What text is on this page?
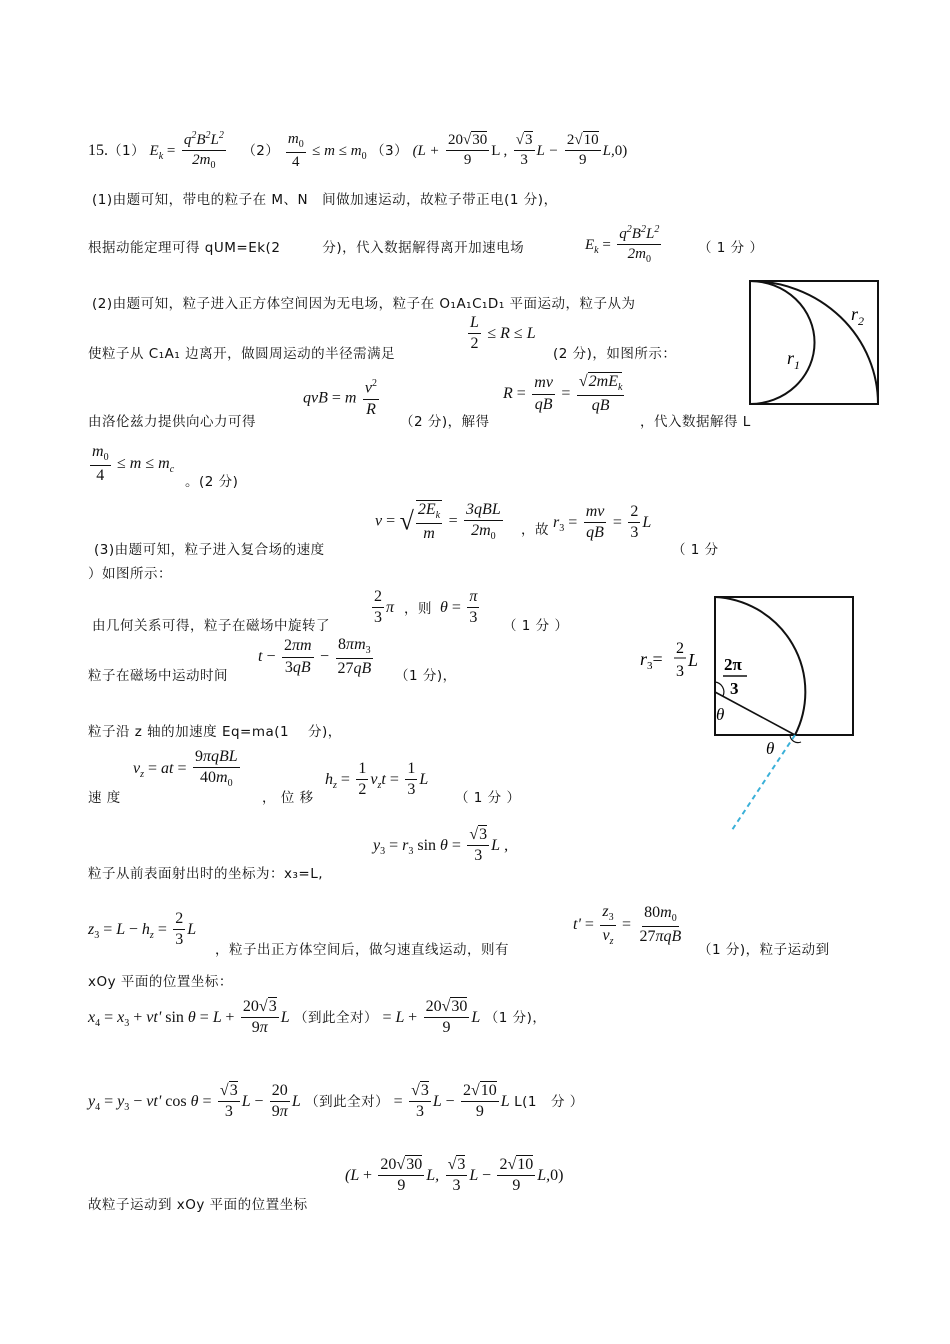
15.（1） $E_k = \frac{q^2B^2L^2}{2m_0} (2) \frac{m_0}{4} \le m \le m_0$ （3） ($L + \frac{20√30}{9}$ L , $\frac{√3}{3}$ $L - \frac{2√10}{9} L,0$)
(1)由题可知，带电的粒子在 M、N　间做加速运动，故粒子带正电(1 分)，
根据动能定理可得 qUM=Ek(2　　　分)，代入数据解得离开加速电场	$E_k = \frac{q^2B^2L^2}{2m_0}$	（ 1 分 ）
(2)由题可知，粒子进入正方体空间因为无电场，粒子在 O₁A₁C₁D₁ 平面运动，粒子从为
使粒子从 C₁A₁ 边离开，做圆周运动的半径需满足
$\frac{L}{2} \le R \le L$
(2 分)，如图所示：	$r_1$
$r_2$
由洛伦兹力提供向心力可得
qvB = m $\frac{v^2}{R}$
（2 分)，解得
$R = \frac{mv}{qB} = \frac{√2mE_k}{qB}$
，代入数据解得 L
$\frac{m_0}{4} \le m \le m_c$
。(2 分)
v = √ $\frac{2E_k}{m} = \frac{\text{3qBL}}{2m_0}$ ，故 $r_3 = \frac{mv}{qB} = \frac{2}{3}$ L
（ 1 分
(3)由题可知，粒子进入复合场的速度
）如图所示：
由几何关系可得，粒子在磁场中旋转了	$\frac{2}{3}$ π ，则 $\theta = \frac{\pi}{3}$ （ 1 分 ）
粒子在磁场中运动时间
$t - \frac{2\pi m}{3qB} - \frac{8\pi m_3}{27qB} (1$ 分)，
$r_3=$
2
3
L 2π
3
θ
θ
粒子沿 z 轴的加速度 Eq=ma(1　 分)，
速 度
$v_z$ = at = $\frac{\text{9πqBL}}{40m_0}$
， 位 移
$h_z = \frac{1}{2} v_zt = \frac{1}{3}$ L
（ 1 分 ）
$y_3 = r_3$ $\sin \theta = \frac{√3}{3}$ L ,
粒子从前表面射出时的坐标为：x₃=L,
$z_3 = L - h_z = \frac{2}{3}$ L
，粒子出正方体空间后，做匀速直线运动，则有
$t' = \frac{z_3}{v_z} = \frac{80m_0}{\text{27πqB}}$
（1 分)，粒子运动到
xOy 平面的位置坐标：
$x_4 = x_3 + vt'$ $\sin \theta = L + \frac{20√3}{9\pi}$ L （到此全对） = $L + \frac{20√30}{9}$ L （1 分)，
$y_4 = y_3 - vt'$ $\cos \theta = \frac{√3}{3}$ $L - \frac{20}{9\pi}$ L （到此全对） = $\frac{√3}{3}$ $L - \frac{2√10}{9}$ L L(1　分 ）
故粒子运动到 xOy 平面的位置坐标
($L + \frac{20√30}{9} L$, $\frac{√3}{3}$ $L - \frac{2√10}{9} L,0$)
